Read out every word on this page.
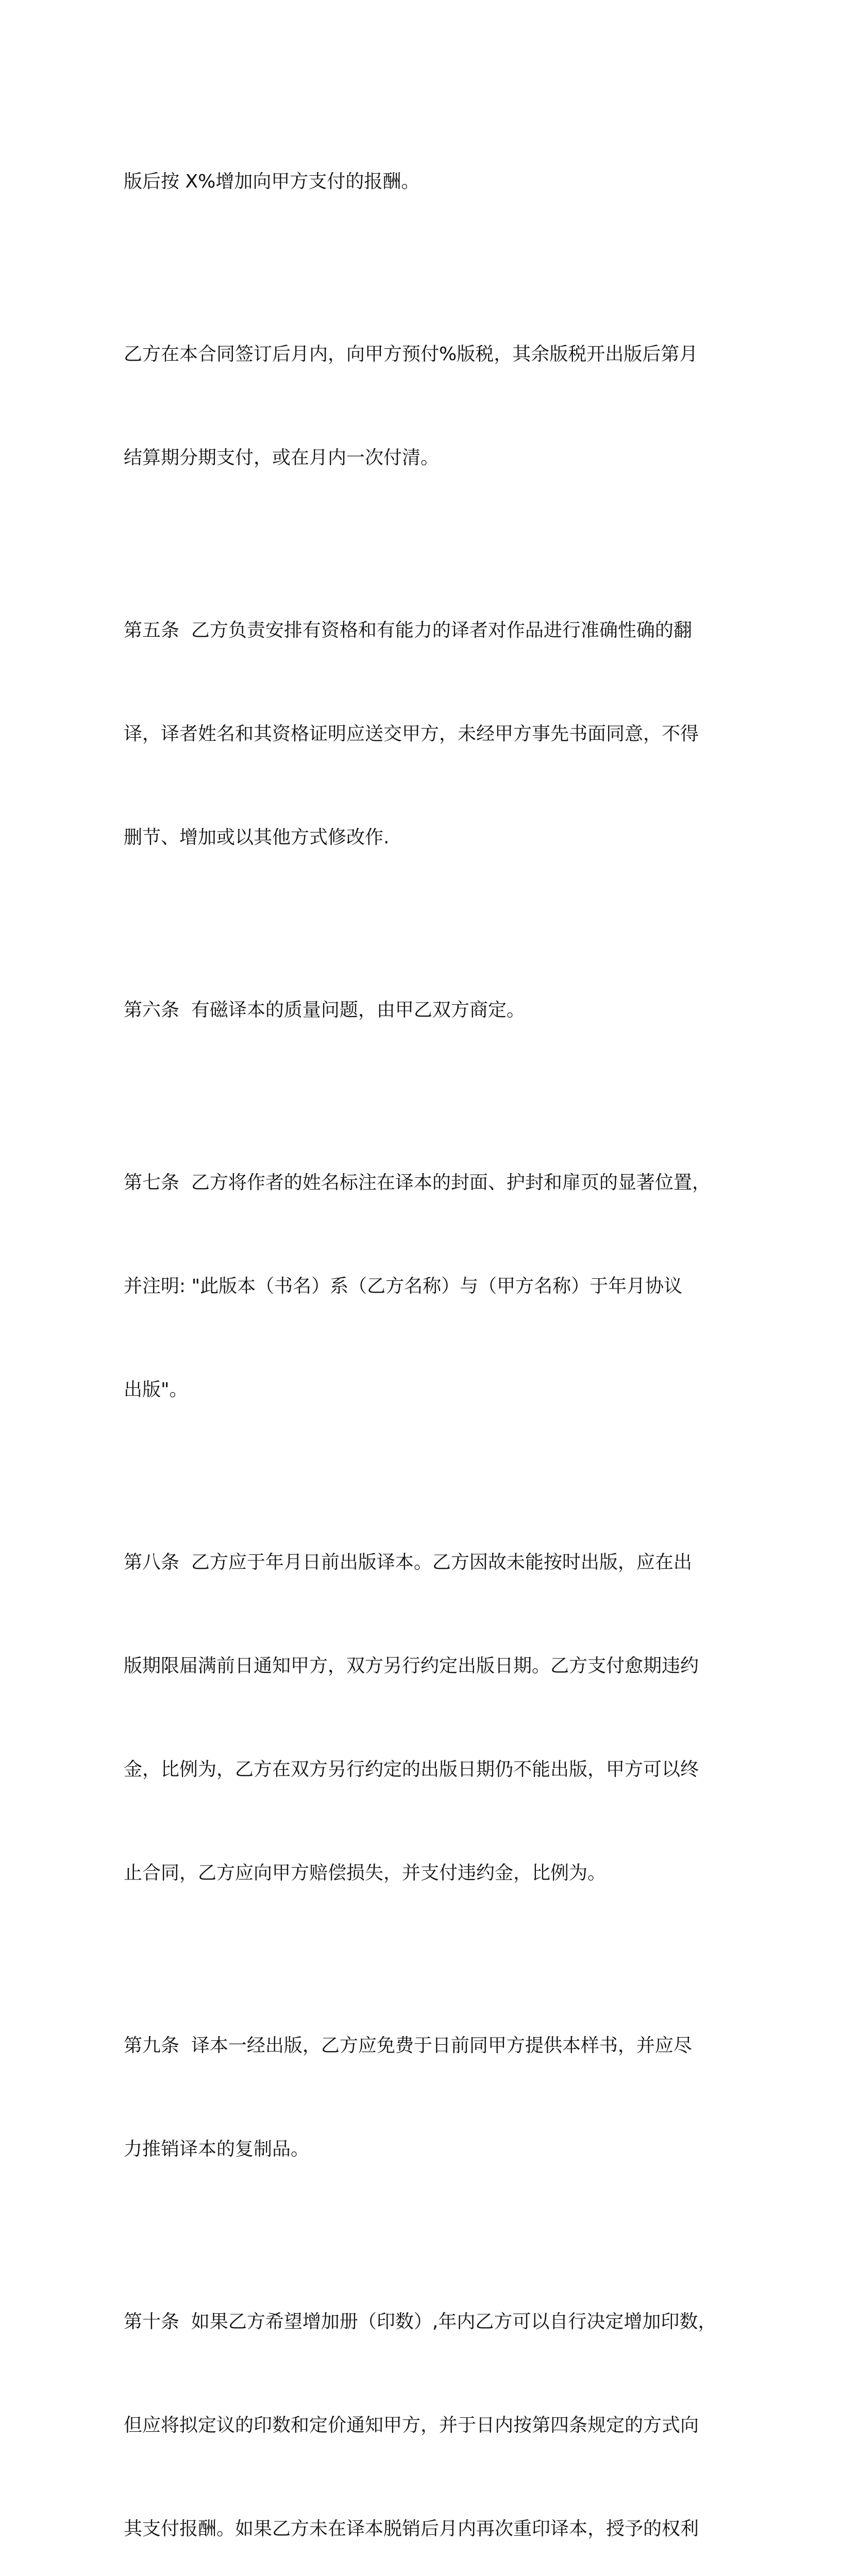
版后按 X%增加向甲方支付的报酬。

乙方在本合同签订后月内，向甲方预付%版税，其余版税开出版后第月

结算期分期支付，或在月内一次付清。

第五条  乙方负责安排有资格和有能力的译者对作品进行准确性确的翻

译，译者姓名和其资格证明应送交甲方，未经甲方事先书面同意，不得

删节、增加或以其他方式修改作.

第六条  有磁译本的质量问题，由甲乙双方商定。

第七条  乙方将作者的姓名标注在译本的封面、护封和扉页的显著位置，

并注明: "此版本（书名）系（乙方名称）与（甲方名称）于年月协议

出版"。

第八条  乙方应于年月日前出版译本。乙方因故未能按时出版，应在出

版期限届满前日通知甲方，双方另行约定出版日期。乙方支付愈期违约

金，比例为，乙方在双方另行约定的出版日期仍不能出版，甲方可以终

止合同，乙方应向甲方赔偿损失，并支付违约金，比例为。

第九条  译本一经出版，乙方应免费于日前同甲方提供本样书，并应尽

力推销译本的复制品。

第十条  如果乙方希望增加册（印数）,年内乙方可以自行决定增加印数，

但应将拟定议的印数和定价通知甲方，并于日内按第四条规定的方式向

其支付报酬。如果乙方未在译本脱销后月内再次重印译本，授予的权利
